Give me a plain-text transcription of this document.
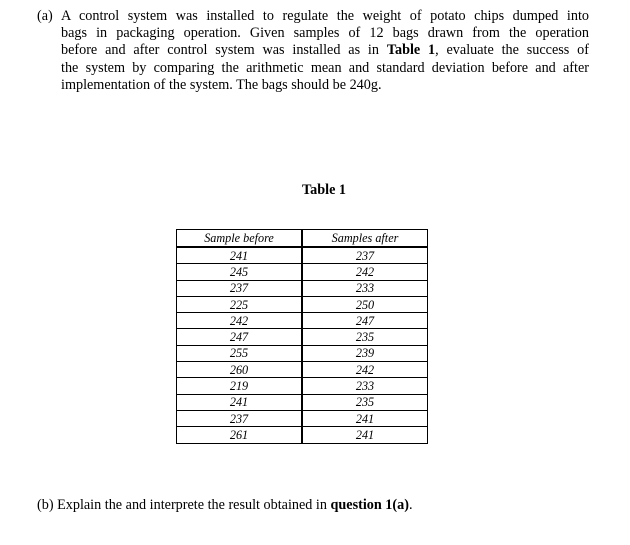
(a) A control system was installed to regulate the weight of potato chips dumped into
bags in packaging operation. Given samples of 12 bags drawn from the operation
before and after control system was installed as in Table 1, evaluate the success of
the system by comparing the arithmetic mean and standard deviation before and after
implementation of the system. The bags should be 240g.
Table 1
Sample before	Samples after
241	237
245	242
237	233
225	250
242	247
247	235
255	239
260	242
219	233
241	235
237	241
261	241
(b) Explain the and interprete the result obtained in question 1(a).
